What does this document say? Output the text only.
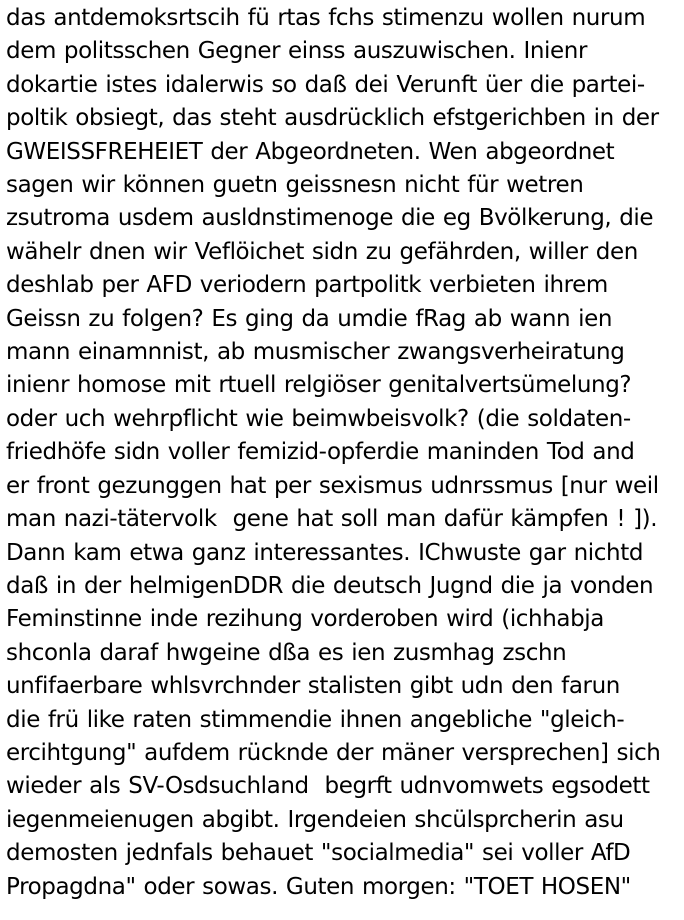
das antdemoksrtscih fü rtas fchs stimenzu wollen nurum
dem politsschen Gegner einss auszuwischen. Inienr
dokartie istes idalerwis so daß dei Verunft üer die partei-
poltik obsiegt, das steht ausdrücklich efstgerichben in der
GWEISSFREHEIET der Abgeordneten. Wen abgeordnet
sagen wir können guetn geissnesn nicht für wetren
zsutroma usdem ausldnstimenoge die eg Bvölkerung, die
wähelr dnen wir Veflöichet sidn zu gefährden, willer den
deshlab per AFD veriodern partpolitk verbieten ihrem
Geissn zu folgen? Es ging da umdie fRag ab wann ien
mann einamnnist, ab musmischer zwangsverheiratung
inienr homose mit rtuell relgiöser genitalvertsümelung?
oder uch wehrpflicht wie beimwbeisvolk? (die soldaten-
friedhöfe sidn voller femizid-opferdie maninden Tod and
er front gezunggen hat per sexismus udnrssmus [nur weil
man nazi-tätervolk  gene hat soll man dafür kämpfen ! ]).
Dann kam etwa ganz interessantes. IChwuste gar nichtd
daß in der helmigenDDR die deutsch Jugnd die ja vonden
Feminstinne inde rezihung vorderoben wird (ichhabja
shconla daraf hwgeine dßa es ien zusmhag zschn
unfifaerbare whlsvrchnder stalisten gibt udn den farun
die frü like raten stimmendie ihnen angebliche "gleich-
ercihtgung" aufdem rücknde der mäner versprechen] sich
wieder als SV-Osdsuchland  begrft udnvomwets egsodett
iegenmeienugen abgibt. Irgendeien shcülsprcherin asu
demosten jednfals behauet "socialmedia" sei voller AfD
Propagdna" oder sowas. Guten morgen: "TOET HOSEN"
